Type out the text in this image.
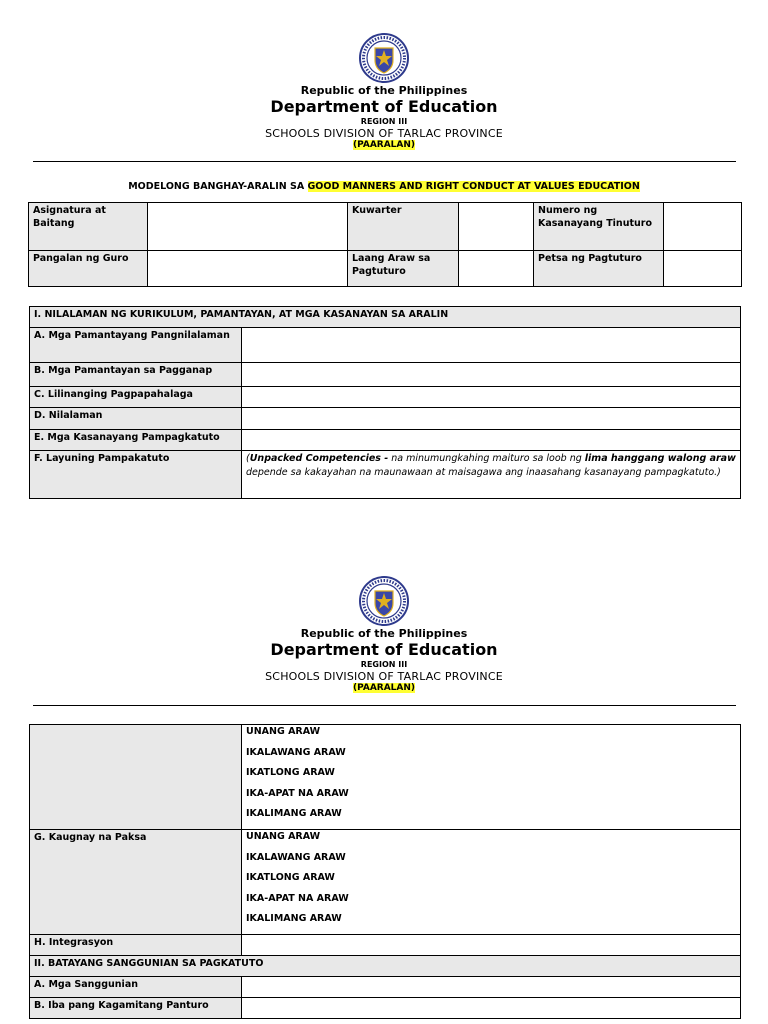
Republic of the Philippines
Department of Education
REGION III
SCHOOLS DIVISION OF TARLAC PROVINCE
(PAARALAN)
MODELONG BANGHAY-ARALIN SA GOOD MANNERS AND RIGHT CONDUCT AT VALUES EDUCATION
Asignatura at Baitang		Kuwarter		Numero ng Kasanayang Tinuturo	
Pangalan ng Guro		Laang Araw sa Pagtuturo		Petsa ng Pagtuturo	
I. NILALAMAN NG KURIKULUM, PAMANTAYAN, AT MGA KASANAYAN SA ARALIN	
A. Mga Pamantayang Pangnilalaman	
B. Mga Pamantayan sa Pagganap	
C. Lilinanging Pagpapahalaga	
D. Nilalaman	
E. Mga Kasanayang Pampagkatuto	
F. Layuning Pampakatuto	(Unpacked Competencies - na minumungkahing maituro sa loob ng lima hanggang walong araw depende sa kakayahan na maunawaan at maisagawa ang inaasahang kasanayang pampagkatuto.)
Republic of the Philippines
Department of Education
REGION III
SCHOOLS DIVISION OF TARLAC PROVINCE
(PAARALAN)

	UNANG ARAW
IKALAWANG ARAW
IKATLONG ARAW
IKA-APAT NA ARAW
IKALIMANG ARAW

G. Kaugnay na Paksa	UNANG ARAW
IKALAWANG ARAW
IKATLONG ARAW
IKA-APAT NA ARAW
IKALIMANG ARAW

H. Integrasyon	
II. BATAYANG SANGGUNIAN SA PAGKATUTO	
A. Mga Sanggunian	
B. Iba pang Kagamitang Panturo	
